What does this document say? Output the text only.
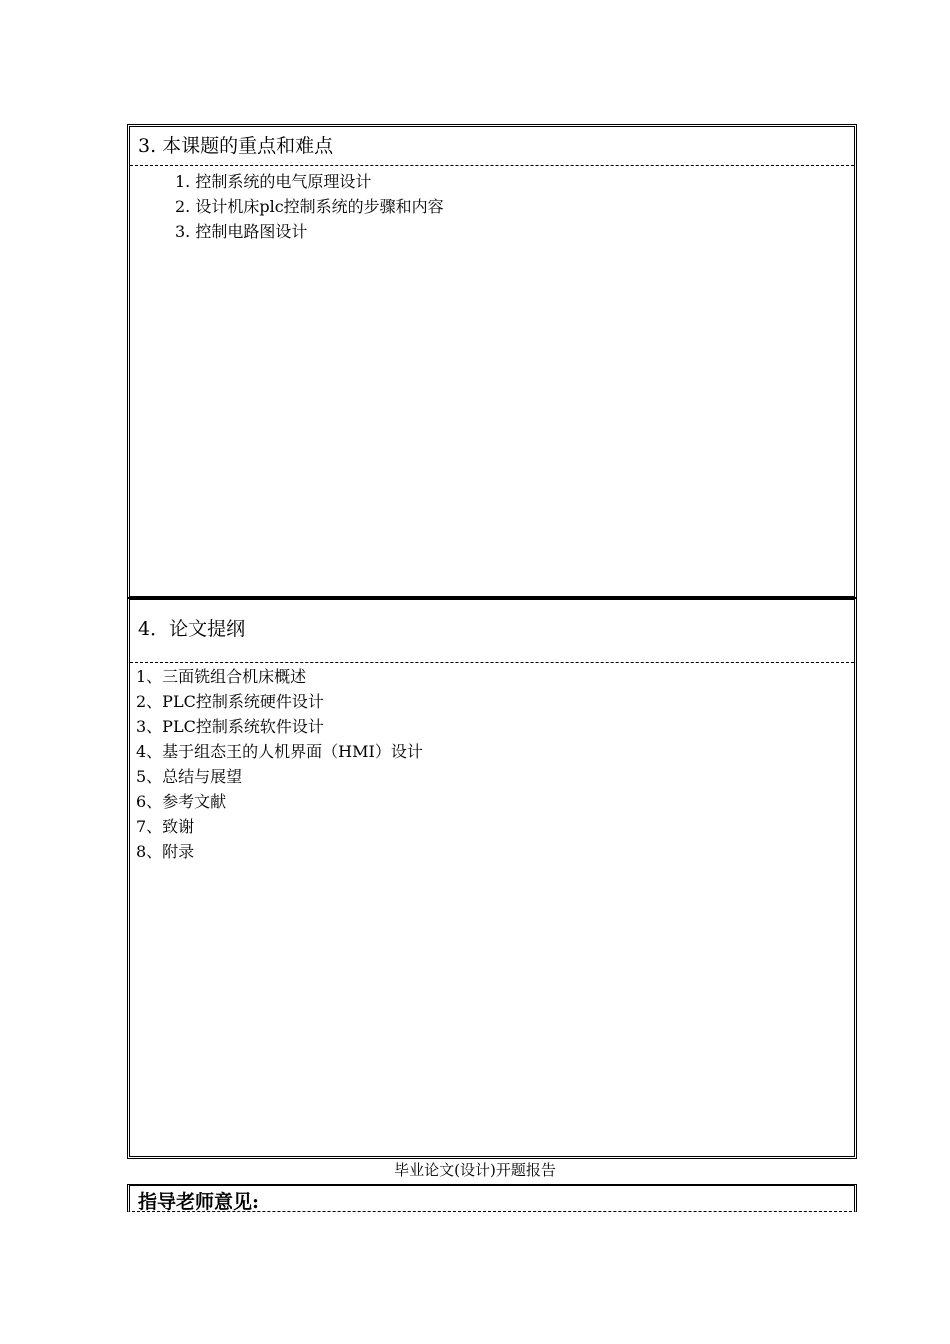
3. 本课题的重点和难点
1. 控制系统的电气原理设计
2. 设计机床plc控制系统的步骤和内容
3. 控制电路图设计
4．论文提纲
1、三面铣组合机床概述
2、PLC控制系统硬件设计
3、PLC控制系统软件设计
4、基于组态王的人机界面（HMI）设计
5、总结与展望
6、参考文献
7、致谢
8、附录
毕业论文(设计)开题报告
指导老师意见:
